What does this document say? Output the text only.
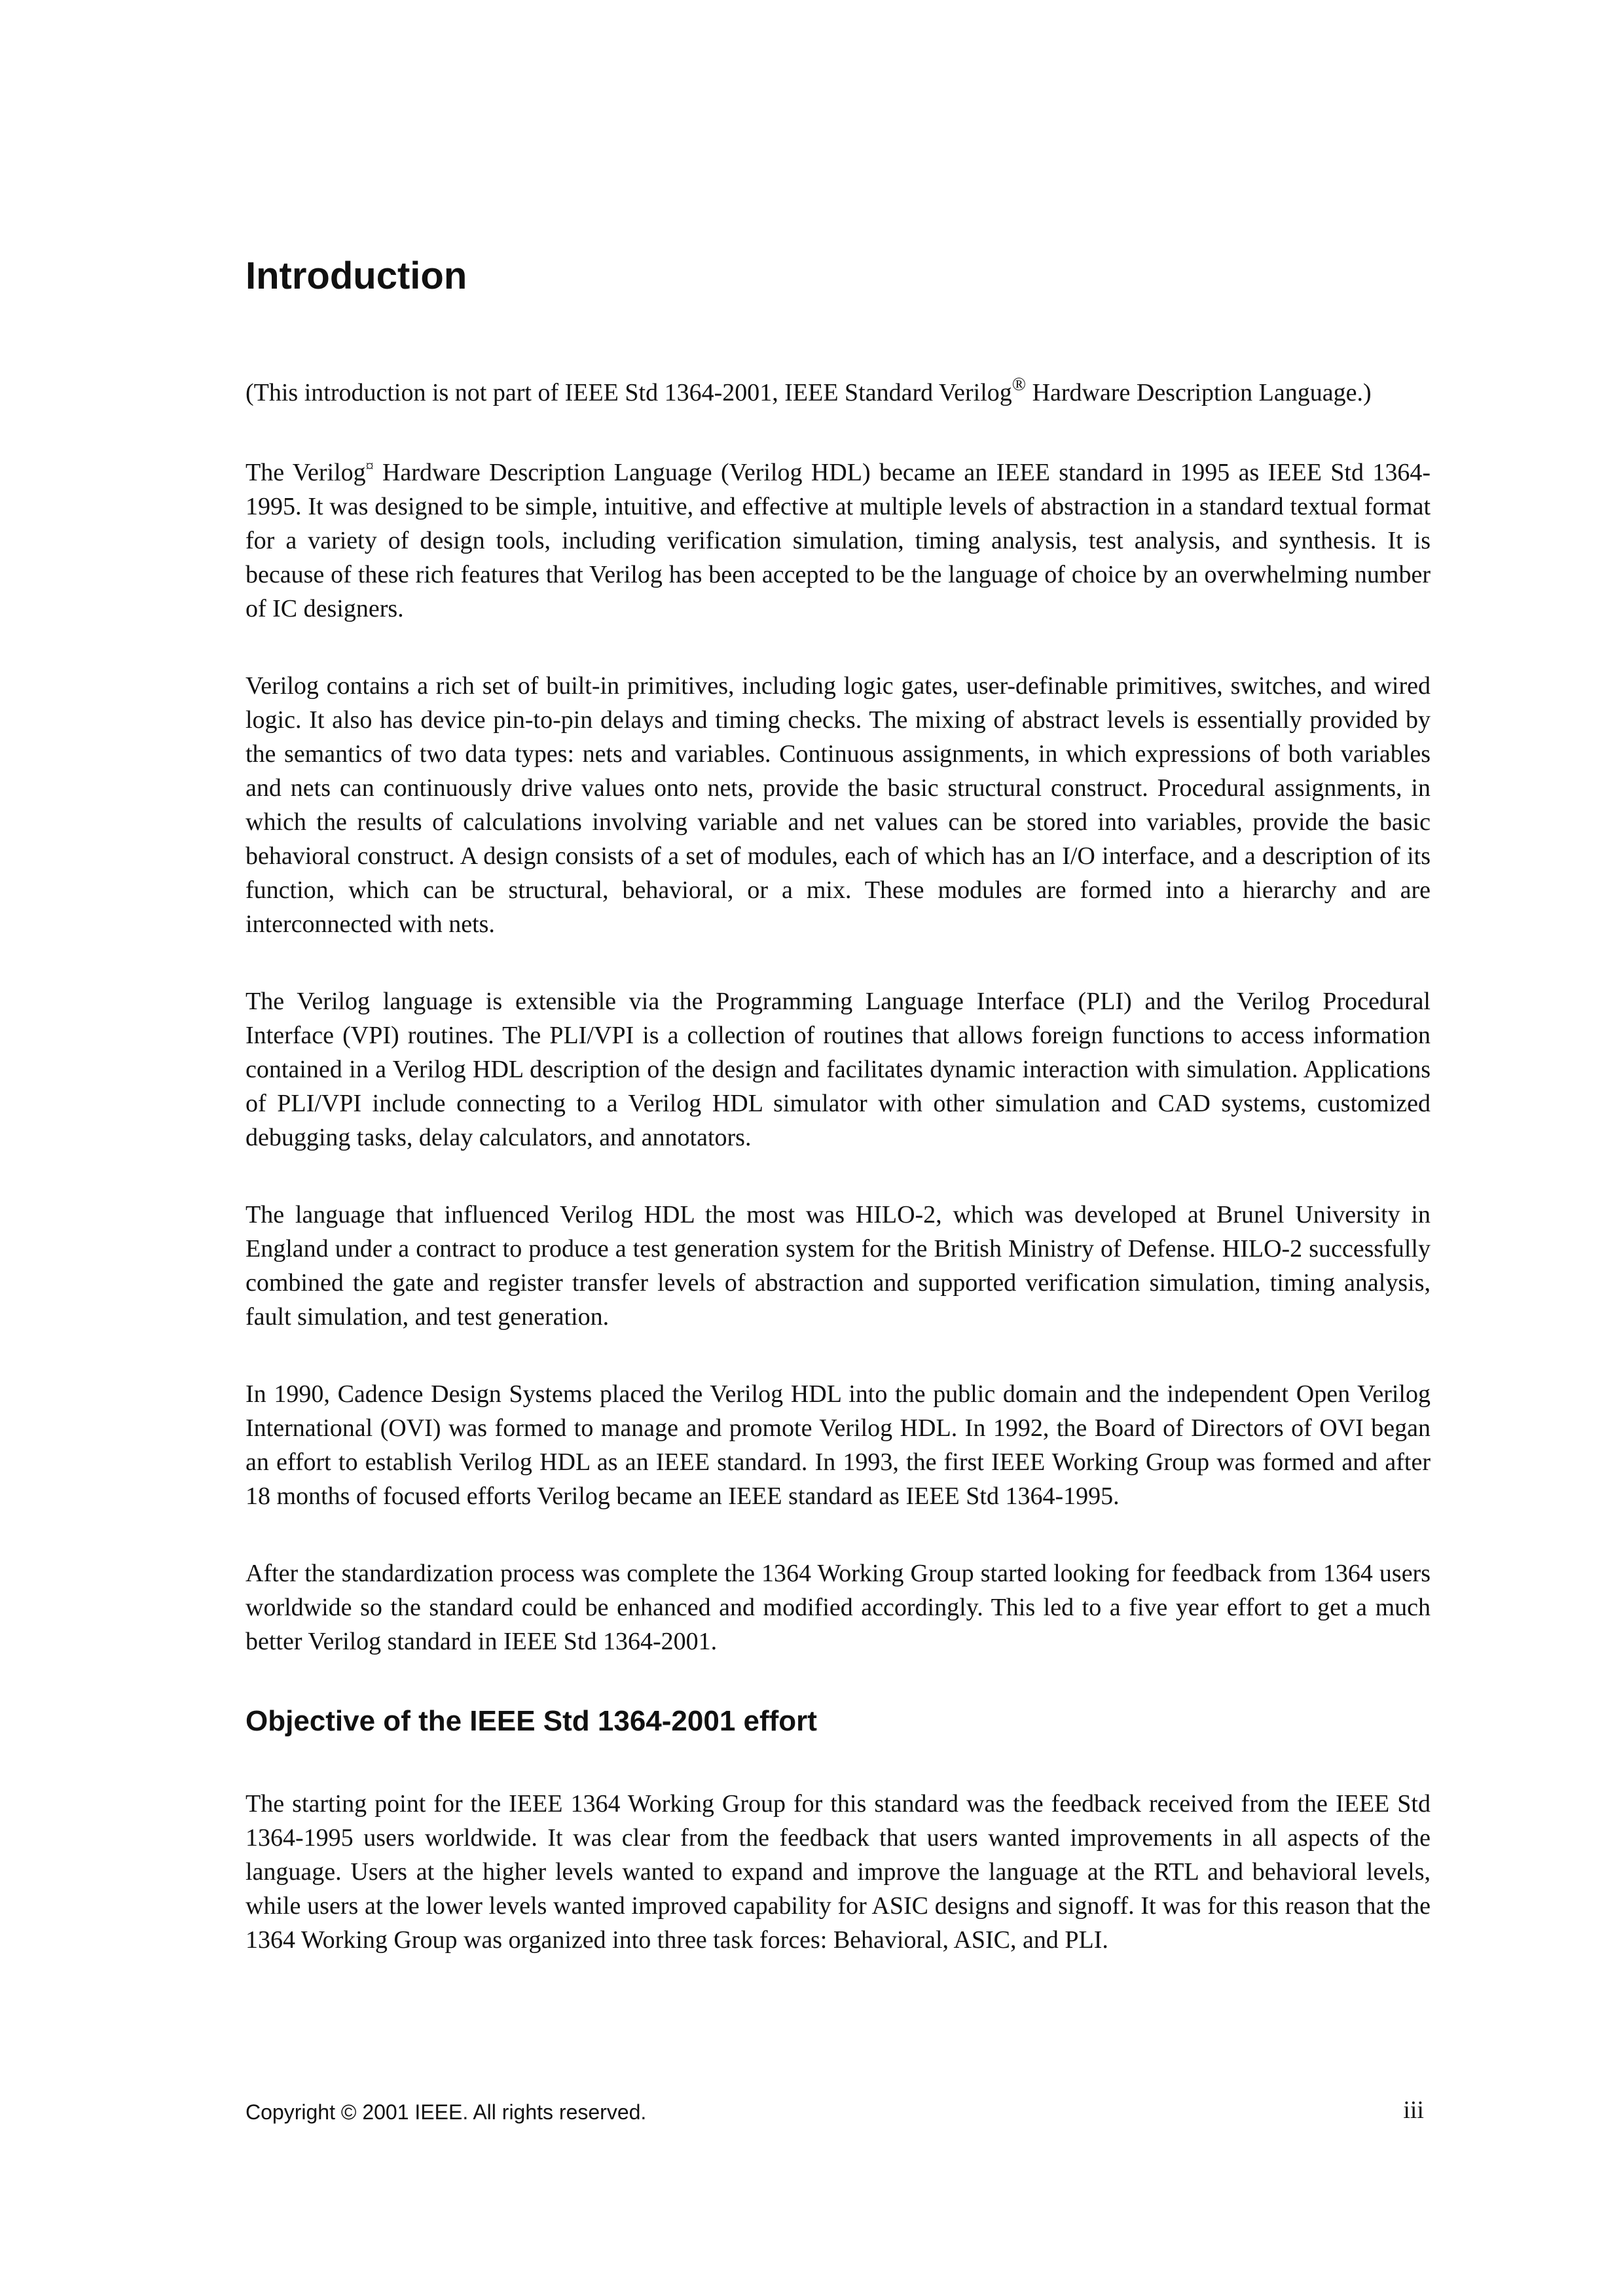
Introduction

(This introduction is not part of IEEE Std 1364-2001, IEEE Standard Verilog® Hardware Description Language.)

The Verilog¤ Hardware Description Language (Verilog HDL) became an IEEE standard in 1995 as IEEE Std 1364-1995. It was designed to be simple, intuitive, and effective at multiple levels of abstraction in a standard textual format for a variety of design tools, including verification simulation, timing analysis, test analysis, and synthesis. It is because of these rich features that Verilog has been accepted to be the language of choice by an overwhelming number of IC designers.

Verilog contains a rich set of built-in primitives, including logic gates, user-definable primitives, switches, and wired logic. It also has device pin-to-pin delays and timing checks. The mixing of abstract levels is essentially provided by the semantics of two data types: nets and variables. Continuous assignments, in which expressions of both variables and nets can continuously drive values onto nets, provide the basic structural construct. Procedural assignments, in which the results of calculations involving variable and net values can be stored into variables, provide the basic behavioral construct. A design consists of a set of modules, each of which has an I/O interface, and a description of its function, which can be structural, behavioral, or a mix. These modules are formed into a hierarchy and are interconnected with nets.

The Verilog language is extensible via the Programming Language Interface (PLI) and the Verilog Procedural Interface (VPI) routines. The PLI/VPI is a collection of routines that allows foreign functions to access information contained in a Verilog HDL description of the design and facilitates dynamic interaction with simulation. Applications of PLI/VPI include connecting to a Verilog HDL simulator with other simulation and CAD systems, customized debugging tasks, delay calculators, and annotators.

The language that influenced Verilog HDL the most was HILO-2, which was developed at Brunel University in England under a contract to produce a test generation system for the British Ministry of Defense. HILO-2 successfully combined the gate and register transfer levels of abstraction and supported verification simulation, timing analysis, fault simulation, and test generation.

In 1990, Cadence Design Systems placed the Verilog HDL into the public domain and the independent Open Verilog International (OVI) was formed to manage and promote Verilog HDL. In 1992, the Board of Directors of OVI began an effort to establish Verilog HDL as an IEEE standard. In 1993, the first IEEE Working Group was formed and after 18 months of focused efforts Verilog became an IEEE standard as IEEE Std 1364-1995.

After the standardization process was complete the 1364 Working Group started looking for feedback from 1364 users worldwide so the standard could be enhanced and modified accordingly. This led to a five year effort to get a much better Verilog standard in IEEE Std 1364-2001.

Objective of the IEEE Std 1364-2001 effort

The starting point for the IEEE 1364 Working Group for this standard was the feedback received from the IEEE Std 1364-1995 users worldwide. It was clear from the feedback that users wanted improvements in all aspects of the language. Users at the higher levels wanted to expand and improve the language at the RTL and behavioral levels, while users at the lower levels wanted improved capability for ASIC designs and signoff. It was for this reason that the 1364 Working Group was organized into three task forces: Behavioral, ASIC, and PLI.

Copyright © 2001 IEEE. All rights reserved.	iii
